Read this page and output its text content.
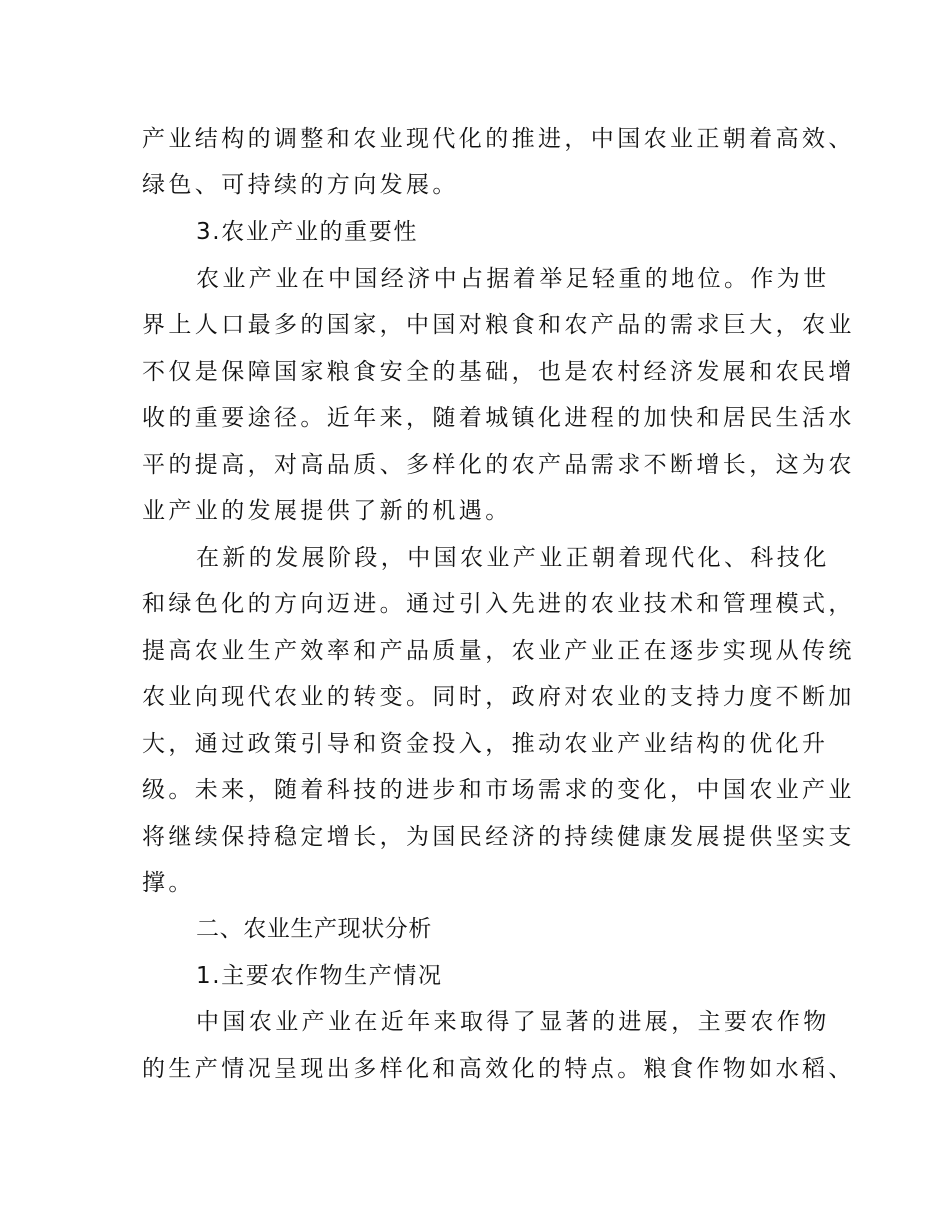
产业结构的调整和农业现代化的推进，中国农业正朝着高效、
绿色、可持续的方向发展。
3.农业产业的重要性
农业产业在中国经济中占据着举足轻重的地位。作为世
界上人口最多的国家，中国对粮食和农产品的需求巨大，农业
不仅是保障国家粮食安全的基础，也是农村经济发展和农民增
收的重要途径。近年来，随着城镇化进程的加快和居民生活水
平的提高，对高品质、多样化的农产品需求不断增长，这为农
业产业的发展提供了新的机遇。
在新的发展阶段，中国农业产业正朝着现代化、科技化
和绿色化的方向迈进。通过引入先进的农业技术和管理模式，
提高农业生产效率和产品质量，农业产业正在逐步实现从传统
农业向现代农业的转变。同时，政府对农业的支持力度不断加
大，通过政策引导和资金投入，推动农业产业结构的优化升
级。未来，随着科技的进步和市场需求的变化，中国农业产业
将继续保持稳定增长，为国民经济的持续健康发展提供坚实支
撑。
二、农业生产现状分析
1.主要农作物生产情况
中国农业产业在近年来取得了显著的进展，主要农作物
的生产情况呈现出多样化和高效化的特点。粮食作物如水稻、
